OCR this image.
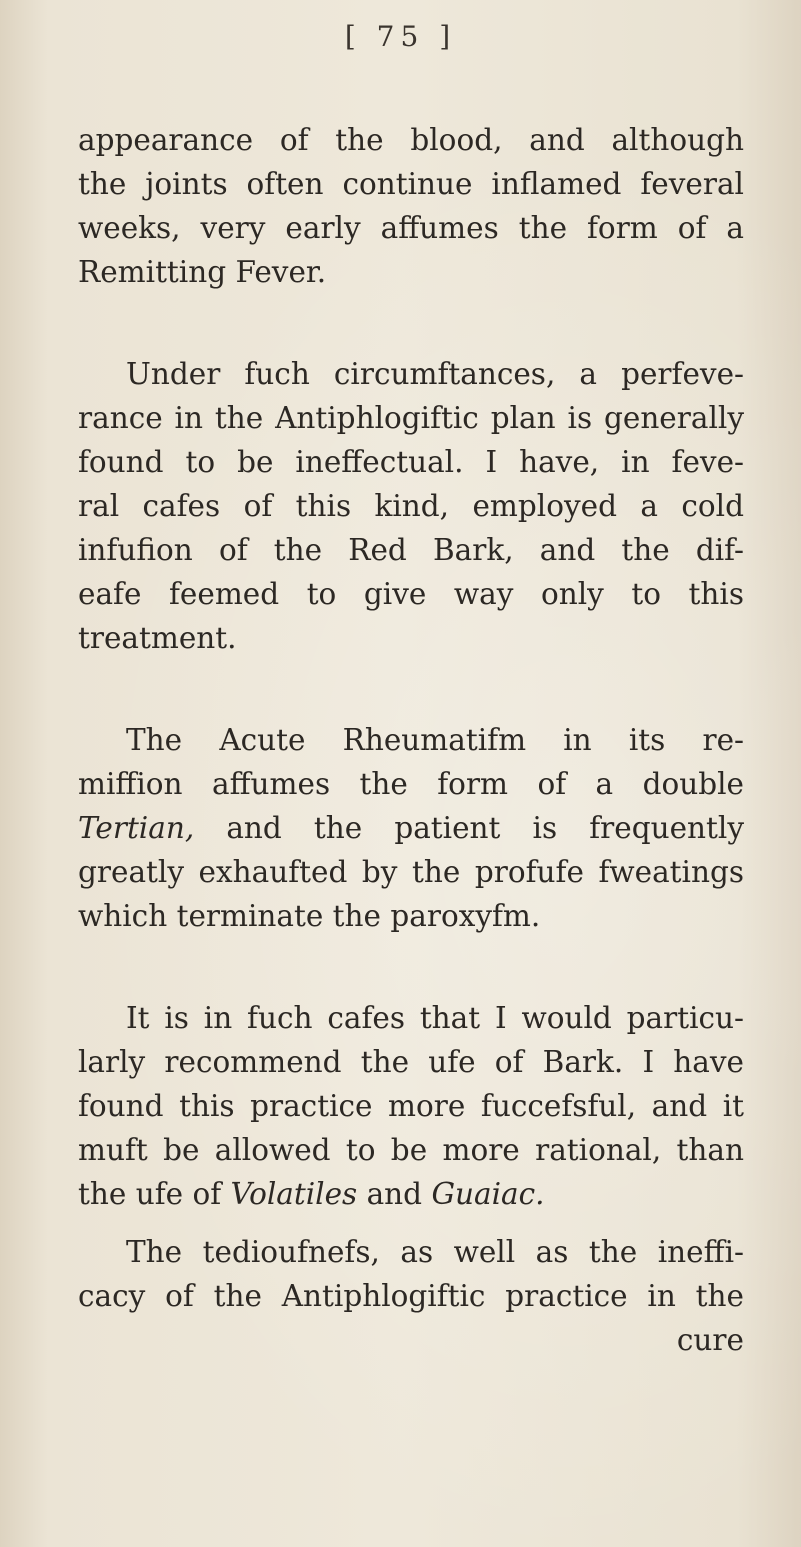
[ 75 ]
appearance of the blood, and although
the joints often continue inflamed feveral
weeks, very early affumes the form of a
Remitting Fever.
Under fuch circumftances, a perfeve-
rance in the Antiphlogiftic plan is generally
found to be ineffectual. I have, in feve-
ral cafes of this kind, employed a cold
infufion of the Red Bark, and the dif-
eafe feemed to give way only to this
treatment.
The Acute Rheumatifm in its re-
miffion affumes the form of a double
Tertian, and the patient is frequently
greatly exhaufted by the profufe fweatings
which terminate the paroxyfm.
It is in fuch cafes that I would particu-
larly recommend the ufe of Bark. I have
found this practice more fuccefsful, and it
muft be allowed to be more rational, than
the ufe of Volatiles and Guaiac.
The tedioufnefs, as well as the ineffi-
cacy of the Antiphlogiftic practice in the
cure
